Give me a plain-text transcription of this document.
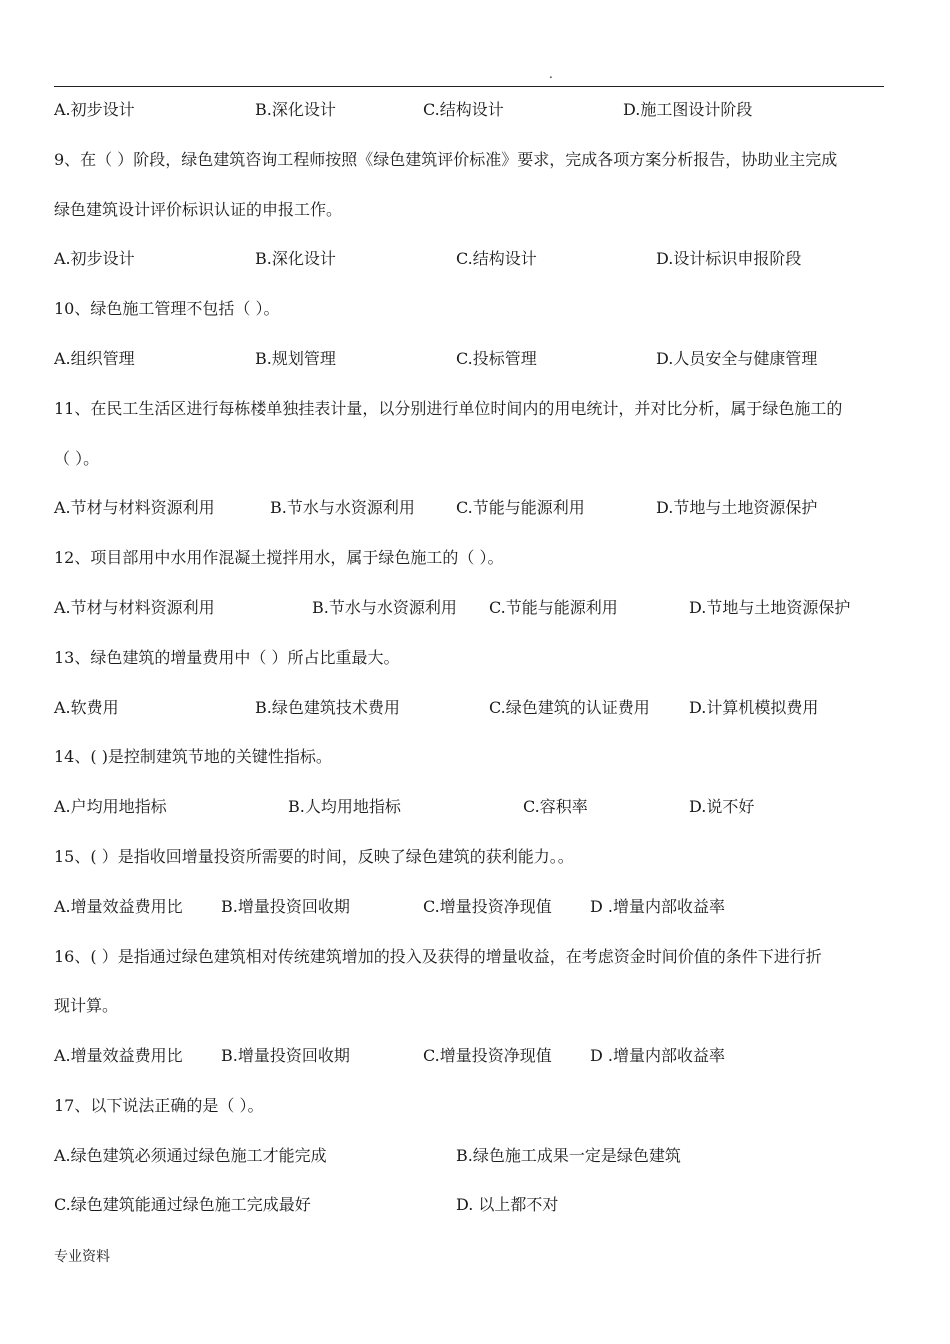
.
A.初步设计	B.深化设计	C.结构设计	D.施工图设计阶段
9、在（ ）阶段，绿色建筑咨询工程师按照《绿色建筑评价标准》要求，完成各项方案分析报告，协助业主完成
绿色建筑设计评价标识认证的申报工作。
A.初步设计	B.深化设计	C.结构设计	D.设计标识申报阶段
10、绿色施工管理不包括（ ）。
A.组织管理	B.规划管理	C.投标管理	D.人员安全与健康管理
11、在民工生活区进行每栋楼单独挂表计量，以分别进行单位时间内的用电统计，并对比分析，属于绿色施工的
（ ）。
A.节材与材料资源利用	B.节水与水资源利用	C.节能与能源利用	D.节地与土地资源保护
12、项目部用中水用作混凝土搅拌用水，属于绿色施工的（ ）。
A.节材与材料资源利用	B.节水与水资源利用 C.节能与能源利用	D.节地与土地资源保护
13、绿色建筑的增量费用中（ ）所占比重最大。
A.软费用	B.绿色建筑技术费用	C.绿色建筑的认证费用 D.计算机模拟费用
14、( )是控制建筑节地的关键性指标。
A.户均用地指标	B.人均用地指标	C.容积率	D.说不好
15、( ）是指收回增量投资所需要的时间，反映了绿色建筑的获利能力。。
A.增量效益费用比 B.增量投资回收期	C.增量投资净现值 D .增量内部收益率
16、( ）是指通过绿色建筑相对传统建筑增加的投入及获得的增量收益，在考虑资金时间价值的条件下进行折
现计算。
A.增量效益费用比 B.增量投资回收期	C.增量投资净现值 D .增量内部收益率
17、以下说法正确的是（ ）。
A.绿色建筑必须通过绿色施工才能完成	B.绿色施工成果一定是绿色建筑
C.绿色建筑能通过绿色施工完成最好	D. 以上都不对
专业资料
